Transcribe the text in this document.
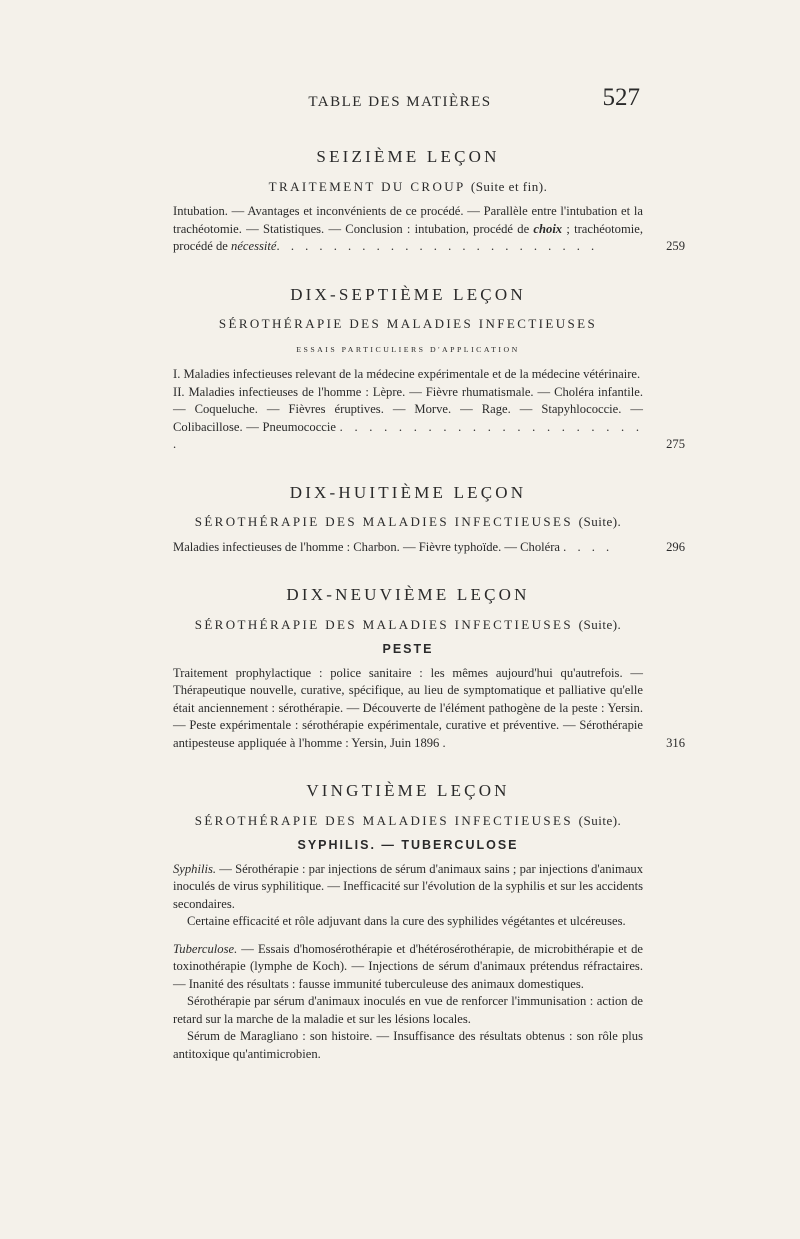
TABLE DES MATIÈRES	527
SEIZIÈME LEÇON
TRAITEMENT DU CROUP (Suite et fin).

Intubation. — Avantages et inconvénients de ce procédé. — Parallèle entre l'intubation et la trachéotomie. — Statistiques. — Conclusion : intubation, procédé de choix ; trachéotomie, procédé de nécessité. . . . . . . . . . . . . . . . . . . . . . .	259

DIX-SEPTIÈME LEÇON
SÉROTHÉRAPIE DES MALADIES INFECTIEUSES
ESSAIS PARTICULIERS D'APPLICATION

I. Maladies infectieuses relevant de la médecine expérimentale et de la médecine vétérinaire.

II. Maladies infectieuses de l'homme : Lèpre. — Fièvre rhumatismale. — Choléra infantile. — Coqueluche. — Fièvres éruptives. — Morve. — Rage. — Stapyhlococcie. — Colibacillose. — Pneumococcie . . . . . . . . . . . . . . . . . . . . . .	275

DIX-HUITIÈME LEÇON
SÉROTHÉRAPIE DES MALADIES INFECTIEUSES (Suite).

Maladies infectieuses de l'homme : Charbon. — Fièvre typhoïde. — Choléra . . . .	296

DIX-NEUVIÈME LEÇON
SÉROTHÉRAPIE DES MALADIES INFECTIEUSES (Suite).
PESTE

Traitement prophylactique : police sanitaire : les mêmes aujourd'hui qu'autrefois. — Thérapeutique nouvelle, curative, spécifique, au lieu de symptomatique et palliative qu'elle était anciennement : sérothérapie. — Découverte de l'élément pathogène de la peste : Yersin. — Peste expérimentale : sérothérapie expérimentale, curative et préventive. — Sérothérapie antipesteuse appliquée à l'homme : Yersin, Juin 1896 .	316

VINGTIÈME LEÇON
SÉROTHÉRAPIE DES MALADIES INFECTIEUSES (Suite).
SYPHILIS. — TUBERCULOSE

Syphilis. — Sérothérapie : par injections de sérum d'animaux sains ; par injections d'animaux inoculés de virus syphilitique. — Inefficacité sur l'évolution de la syphilis et sur les accidents secondaires.

Certaine efficacité et rôle adjuvant dans la cure des syphilides végétantes et ulcéreuses.

Tuberculose. — Essais d'homosérothérapie et d'hétérosérothérapie, de microbithérapie et de toxinothérapie (lymphe de Koch). — Injections de sérum d'animaux prétendus réfractaires. — Inanité des résultats : fausse immunité tuberculeuse des animaux domestiques.

Sérothérapie par sérum d'animaux inoculés en vue de renforcer l'immunisation : action de retard sur la marche de la maladie et sur les lésions locales.

Sérum de Maragliano : son histoire. — Insuffisance des résultats obtenus : son rôle plus antitoxique qu'antimicrobien.
